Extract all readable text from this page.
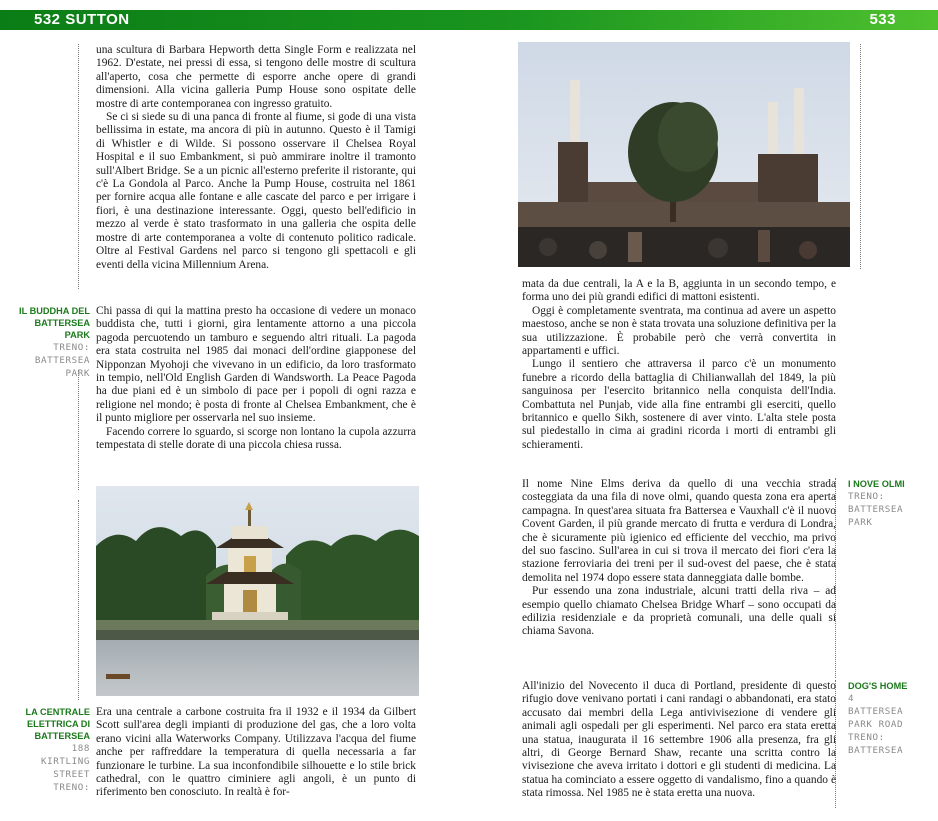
532 SUTTON	533

una scultura di Barbara Hepworth detta Single Form e realizzata nel 1962. D'estate, nei pressi di essa, si tengono delle mostre di scultura all'aperto, cosa che permette di esporre anche opere di grandi dimensioni. Alla vicina galleria Pump House sono ospitate delle mostre di arte contemporanea con ingresso gratuito.

Se ci si siede su di una panca di fronte al fiume, si gode di una vista bellissima in estate, ma ancora di più in autunno. Questo è il Tamigi di Whistler e di Wilde. Si possono osservare il Chelsea Royal Hospital e il suo Embankment, si può ammirare inoltre il tramonto sull'Albert Bridge. Se a un picnic all'esterno preferite il ristorante, qui c'è La Gondola al Parco. Anche la Pump House, costruita nel 1861 per fornire acqua alle fontane e alle cascate del parco e per irrigare i fiori, è una destinazione interessante. Oggi, questo bell'edificio in mezzo al verde è stato trasformato in una galleria che ospita delle mostre di arte contemporanea a volte di contenuto politico radicale. Oltre al Festival Gardens nel parco si tengono gli spettacoli e gli eventi della vicina Millennium Arena.

IL BUDDHA DEL BATTERSEA PARK
TRENO:
BATTERSEA
PARK

Chi passa di qui la mattina presto ha occasione di vedere un monaco buddista che, tutti i giorni, gira lentamente attorno a una piccola pagoda percuotendo un tamburo e seguendo altri rituali. La pagoda era stata costruita nel 1985 dai monaci dell'ordine giapponese del Nipponzan Myohoji che vivevano in un edificio, da loro trasformato in tempio, nell'Old English Garden di Wandsworth. La Peace Pagoda ha due piani ed è un simbolo di pace per i popoli di ogni razza e religione nel mondo; è posta di fronte al Chelsea Embankment, che è il punto migliore per osservarla nel suo insieme.

Facendo correre lo sguardo, si scorge non lontano la cupola azzurra tempestata di stelle dorate di una piccola chiesa russa.

LA CENTRALE ELETTRICA DI BATTERSEA
188
KIRTLING
STREET
TRENO:

Era una centrale a carbone costruita fra il 1932 e il 1934 da Gilbert Scott sull'area degli impianti di produzione del gas, che a loro volta erano vicini alla Waterworks Company. Utilizzava l'acqua del fiume anche per raffreddare la temperatura di quella necessaria a far funzionare le turbine. La sua inconfondibile silhouette e lo stile brick cathedral, con le quattro ciminiere agli angoli, è un punto di riferimento ben conosciuto. In realtà è for-

mata da due centrali, la A e la B, aggiunta in un secondo tempo, e forma uno dei più grandi edifici di mattoni esistenti.

Oggi è completamente sventrata, ma continua ad avere un aspetto maestoso, anche se non è stata trovata una soluzione definitiva per la sua utilizzazione. È probabile però che verrà convertita in appartamenti e uffici.

Lungo il sentiero che attraversa il parco c'è un monumento funebre a ricordo della battaglia di Chilianwallah del 1849, la più sanguinosa per l'esercito britannico nella conquista dell'India. Combattuta nel Punjab, vide alla fine entrambi gli eserciti, quello britannico e quello Sikh, sostenere di aver vinto. L'alta stele posta sul piedestallo in cima ai gradini ricorda i morti di entrambi gli schieramenti.

I NOVE OLMI
TRENO:
BATTERSEA
PARK

Il nome Nine Elms deriva da quello di una vecchia strada costeggiata da una fila di nove olmi, quando questa zona era aperta campagna. In quest'area situata fra Battersea e Vauxhall c'è il nuovo Covent Garden, il più grande mercato di frutta e verdura di Londra, che è sicuramente più igienico ed efficiente del vecchio, ma privo del suo fascino. Sull'area in cui si trova il mercato dei fiori c'era la stazione ferroviaria dei treni per il sud-ovest del paese, che è stata demolita nel 1974 dopo essere stata danneggiata dalle bombe.

Pur essendo una zona industriale, alcuni tratti della riva – ad esempio quello chiamato Chelsea Bridge Wharf – sono occupati da edilizia residenziale e da proprietà comunali, una delle quali si chiama Savona.

DOG'S HOME
4
BATTERSEA
PARK ROAD
TRENO:
BATTERSEA

All'inizio del Novecento il duca di Portland, presidente di questo rifugio dove venivano portati i cani randagi o abbandonati, era stato accusato dai membri della Lega antivivisezione di vendere gli animali agli ospedali per gli esperimenti. Nel parco era stata eretta una statua, inaugurata il 16 settembre 1906 alla presenza, fra gli altri, di George Bernard Shaw, recante una scritta contro la vivisezione che aveva irritato i dottori e gli studenti di medicina. La statua ha cominciato a essere oggetto di vandalismo, fino a quando è stata rimossa. Nel 1985 ne è stata eretta una nuova.
